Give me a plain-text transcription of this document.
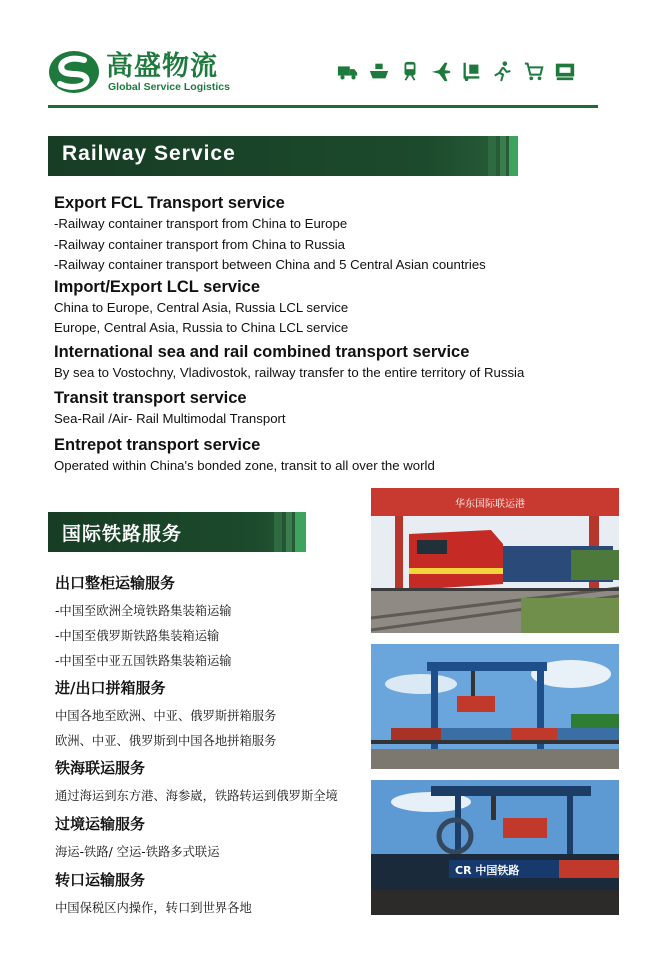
高盛物流
Global Service Logistics
Railway Service

Export FCL Transport service

-Railway container transport from China to Europe

-Railway container transport from China to Russia

-Railway container transport between China and 5 Central Asian countries

Import/Export LCL service

China to Europe, Central Asia, Russia LCL service

Europe, Central Asia, Russia to China LCL service

International sea and rail combined transport service

By sea to Vostochny, Vladivostok, railway transfer to the entire territory of Russia

Transit transport service

Sea-Rail /Air- Rail Multimodal Transport

Entrepot transport service

Operated within China's bonded zone, transit to all over the world

国际铁路服务
出口整柜运输服务
-中国至欧洲全境铁路集装箱运输
-中国至俄罗斯铁路集装箱运输
-中国至中亚五国铁路集装箱运输
进/出口拼箱服务
中国各地至欧洲、中亚、俄罗斯拼箱服务
欧洲、中亚、俄罗斯到中国各地拼箱服务
铁海联运服务
通过海运到东方港、海参崴，铁路转运到俄罗斯全境
过境运输服务
海运-铁路/ 空运-铁路多式联运
转口运输服务
中国保税区内操作，转口到世界各地
华东国际联运港
CR 中国铁路
